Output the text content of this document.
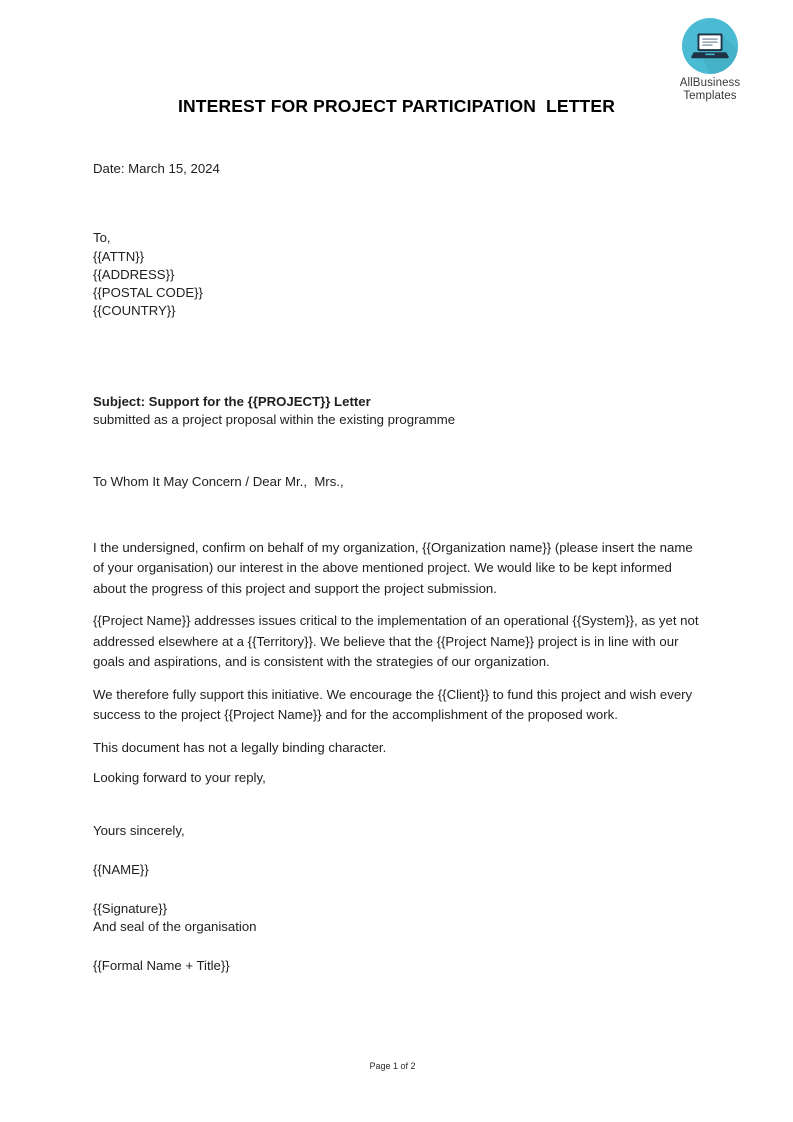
AllBusiness
Templates
INTEREST FOR PROJECT PARTICIPATION  LETTER
Date: March 15, 2024
To,
{{ATTN}}
{{ADDRESS}}
{{POSTAL CODE}}
{{COUNTRY}}
Subject: Support for the {{PROJECT}} Letter
submitted as a project proposal within the existing programme
To Whom It May Concern / Dear Mr.,  Mrs.,

I the undersigned, confirm on behalf of my organization, {{Organization name}} (please insert the name of your organisation) our interest in the above mentioned project. We would like to be kept informed about the progress of this project and support the project submission.

{{Project Name}} addresses issues critical to the implementation of an operational {{System}}, as yet not addressed elsewhere at a {{Territory}}. We believe that the {{Project Name}} project is in line with our goals and aspirations, and is consistent with the strategies of our organization.

We therefore fully support this initiative. We encourage the {{Client}} to fund this project and wish every success to the project {{Project Name}} and for the accomplishment of the proposed work.

This document has not a legally binding character.

Looking forward to your reply,

Yours sincerely,
{{NAME}}
{{Signature}}
And seal of the organisation
{{Formal Name + Title}}
Page 1 of 2
